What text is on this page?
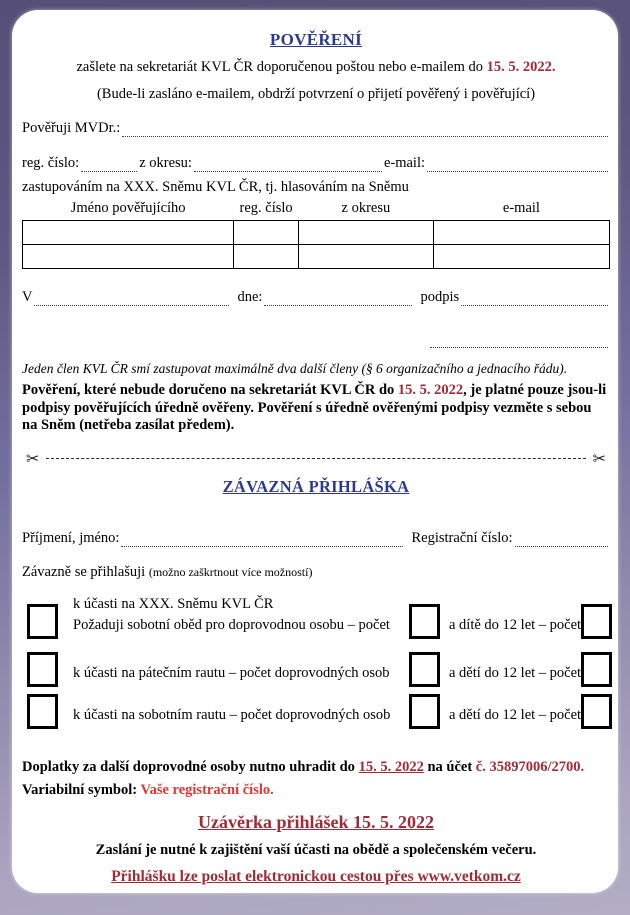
POVĚŘENÍ
zašlete na sekretariát KVL ČR doporučenou poštou nebo e-mailem do 15. 5. 2022.
(Bude-li zasláno e-mailem, obdrží potvrzení o přijetí pověřený i pověřující)
Pověřuji MVDr.:
reg. číslo:	z okresu:	e-mail:
zastupováním na XXX. Sněmu KVL ČR, tj. hlasováním na Sněmu
Jméno pověřujícího	reg. číslo	z okresu	e-mail

V	dne:	podpis
Jeden člen KVL ČR smí zastupovat maximálně dva další členy (§ 6 organizačního a jednacího řádu).
Pověření, které nebude doručeno na sekretariát KVL ČR do 15. 5. 2022, je platné pouze jsou-li podpisy pověřujících úředně ověřeny. Pověření s úředně ověřenými podpisy vezměte s sebou na Sněm (netřeba zasílat předem).
✂	✂
ZÁVAZNÁ PŘIHLÁŠKA
Příjmení, jméno:	Registrační číslo:
Závazně se přihlašuji (možno zaškrtnout více možností)
k účasti na XXX. Sněmu KVL ČR
Požaduji sobotní oběd pro doprovodnou osobu – počet	a dítě do 12 let – počet
k účasti na pátečním rautu – počet doprovodných osob	a dětí do 12 let – počet
k účasti na sobotním rautu – počet doprovodných osob	a dětí do 12 let – počet
Doplatky za další doprovodné osoby nutno uhradit do 15. 5. 2022 na účet č. 35897006/2700.
Variabilní symbol: Vaše registrační číslo.
Uzávěrka přihlášek 15. 5. 2022
Zaslání je nutné k zajištění vaší účasti na obědě a společenském večeru.
Přihlášku lze poslat elektronickou cestou přes www.vetkom.cz
